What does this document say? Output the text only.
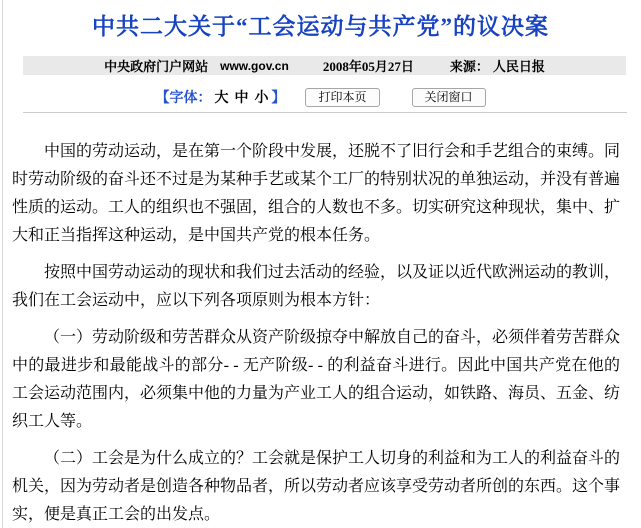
中共二大关于“工会运动与共产党”的议决案
中央政府门户网站 www.gov.cn	2008年05月27日	来源： 人民日报
【字体： 大 中 小 】	打印本页	关闭窗口

中国的劳动运动，是在第一个阶段中发展，还脱不了旧行会和手艺组合的束缚。同时劳动阶级的奋斗还不过是为某种手艺或某个工厂的特别状况的单独运动，并没有普遍性质的运动。工人的组织也不强固，组合的人数也不多。切实研究这种现状，集中、扩大和正当指挥这种运动，是中国共产党的根本任务。

按照中国劳动运动的现状和我们过去活动的经验，以及证以近代欧洲运动的教训，我们在工会运动中，应以下列各项原则为根本方针：

（一）劳动阶级和劳苦群众从资产阶级掠夺中解放自己的奋斗，必须伴着劳苦群众中的最进步和最能战斗的部分- - 无产阶级- - 的利益奋斗进行。因此中国共产党在他的工会运动范围内，必须集中他的力量为产业工人的组合运动，如铁路、海员、五金、纺织工人等。

（二）工会是为什么成立的？工会就是保护工人切身的利益和为工人的利益奋斗的机关，因为劳动者是创造各种物品者，所以劳动者应该享受劳动者所创的东西。这个事实，便是真正工会的出发点。
